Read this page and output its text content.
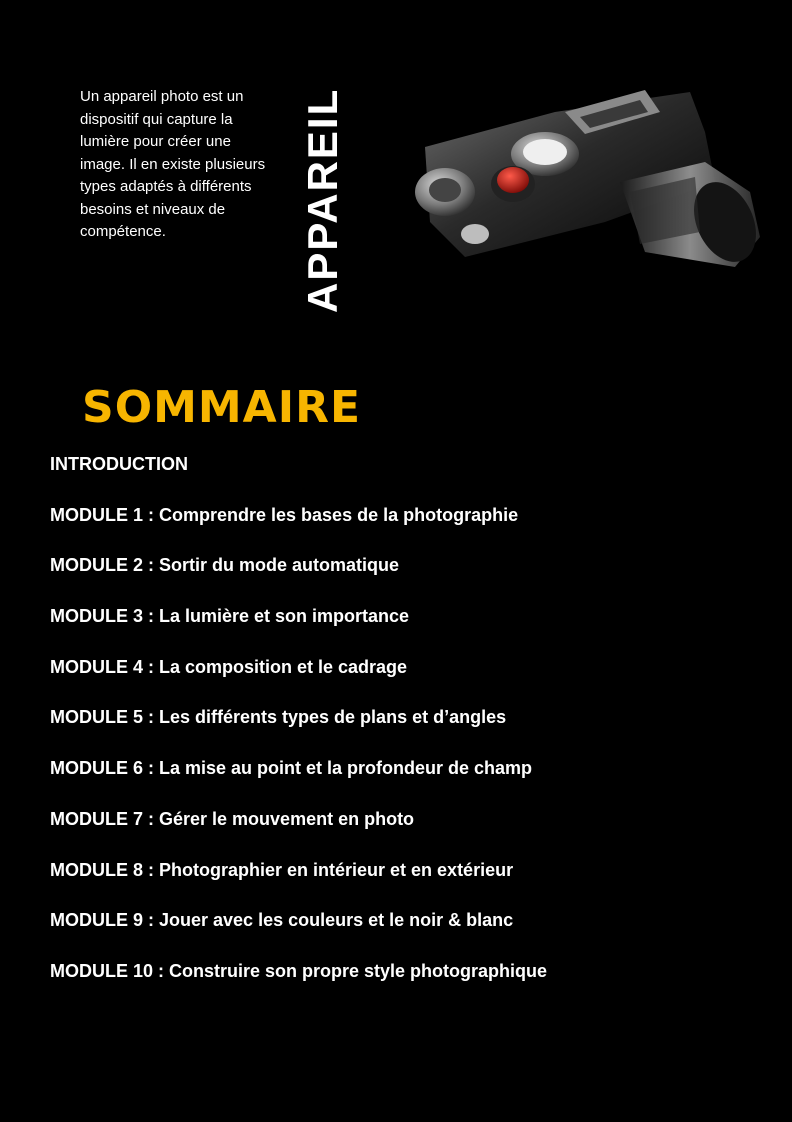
Un appareil photo est un dispositif qui capture la lumière pour créer une image. Il en existe plusieurs types adaptés à différents besoins et niveaux de compétence.	APPAREIL
SOMMAIRE
INTRODUCTION
MODULE 1 : Comprendre les bases de la photographie
MODULE 2 : Sortir du mode automatique
MODULE 3 : La lumière et son importance
MODULE 4 : La composition et le cadrage
MODULE 5 : Les différents types de plans et d’angles
MODULE 6 : La mise au point et la profondeur de champ
MODULE 7 : Gérer le mouvement en photo
MODULE 8 : Photographier en intérieur et en extérieur
MODULE 9 : Jouer avec les couleurs et le noir & blanc
MODULE 10 : Construire son propre style photographique
